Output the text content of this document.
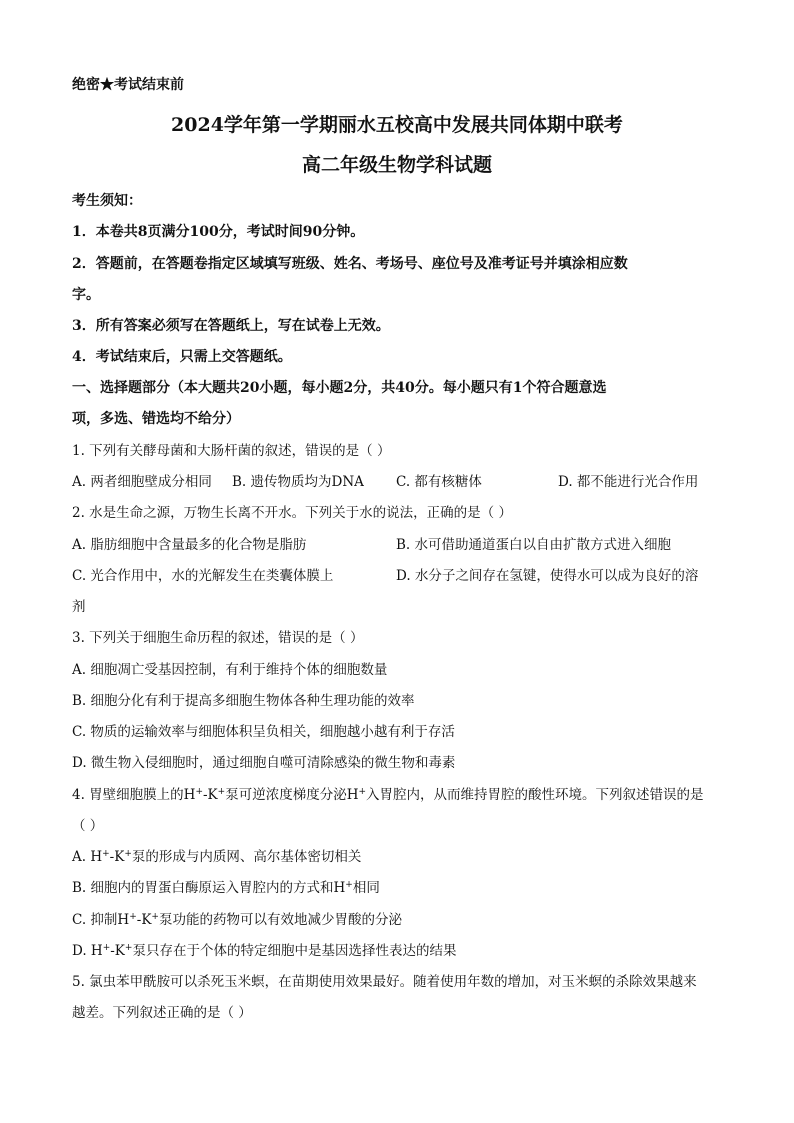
绝密★考试结束前
2024学年第一学期丽水五校高中发展共同体期中联考
高二年级生物学科试题
考生须知：
1．本卷共8页满分100分，考试时间90分钟。
2．答题前，在答题卷指定区域填写班级、姓名、考场号、座位号及准考证号并填涂相应数
字。
3．所有答案必须写在答题纸上，写在试卷上无效。
4．考试结束后，只需上交答题纸。
一、选择题部分（本大题共20小题，每小题2分，共40分。每小题只有1个符合题意选
项，多选、错选均不给分）
1. 下列有关酵母菌和大肠杆菌的叙述，错误的是（ ）
A. 两者细胞壁成分相同 B. 遗传物质均为DNA C. 都有核糖体	D. 都不能进行光合作用
2. 水是生命之源，万物生长离不开水。下列关于水的说法，正确的是（ ）
A. 脂肪细胞中含量最多的化合物是脂肪	B. 水可借助通道蛋白以自由扩散方式进入细胞
C. 光合作用中，水的光解发生在类囊体膜上	D. 水分子之间存在氢键，使得水可以成为良好的溶
剂
3. 下列关于细胞生命历程的叙述，错误的是（ ）
A. 细胞凋亡受基因控制，有利于维持个体的细胞数量
B. 细胞分化有利于提高多细胞生物体各种生理功能的效率
C. 物质的运输效率与细胞体积呈负相关，细胞越小越有利于存活
D. 微生物入侵细胞时，通过细胞自噬可清除感染的微生物和毒素
4. 胃壁细胞膜上的H+-K+泵可逆浓度梯度分泌H+入胃腔内，从而维持胃腔的酸性环境。下列叙述错误的是
（ ）
A. H+-K+泵的形成与内质网、高尔基体密切相关
B. 细胞内的胃蛋白酶原运入胃腔内的方式和H+相同
C. 抑制H+-K+泵功能的药物可以有效地减少胃酸的分泌
D. H+-K+泵只存在于个体的特定细胞中是基因选择性表达的结果
5. 氯虫苯甲酰胺可以杀死玉米螟，在苗期使用效果最好。随着使用年数的增加，对玉米螟的杀除效果越来
越差。下列叙述正确的是（ ）
